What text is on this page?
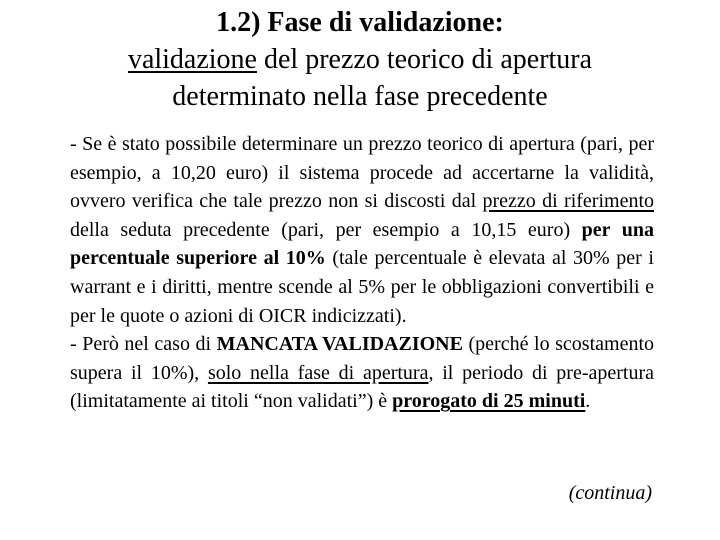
1.2) Fase di validazione:
validazione del prezzo teorico di apertura
determinato nella fase precedente

- Se è stato possibile determinare un prezzo teorico di apertura (pari, per esempio, a 10,20 euro) il sistema procede ad accertarne la validità, ovvero verifica che tale prezzo non si discosti dal prezzo di riferimento della seduta precedente (pari, per esempio a 10,15 euro) per una percentuale superiore al 10% (tale percentuale è elevata al 30% per i warrant e i diritti, mentre scende al 5% per le obbligazioni convertibili e per le quote o azioni di OICR indicizzati).

- Però nel caso di MANCATA VALIDAZIONE (perché lo scostamento supera il 10%), solo nella fase di apertura, il periodo di pre-apertura (limitatamente ai titoli “non validati”) è prorogato di 25 minuti.

(continua)
